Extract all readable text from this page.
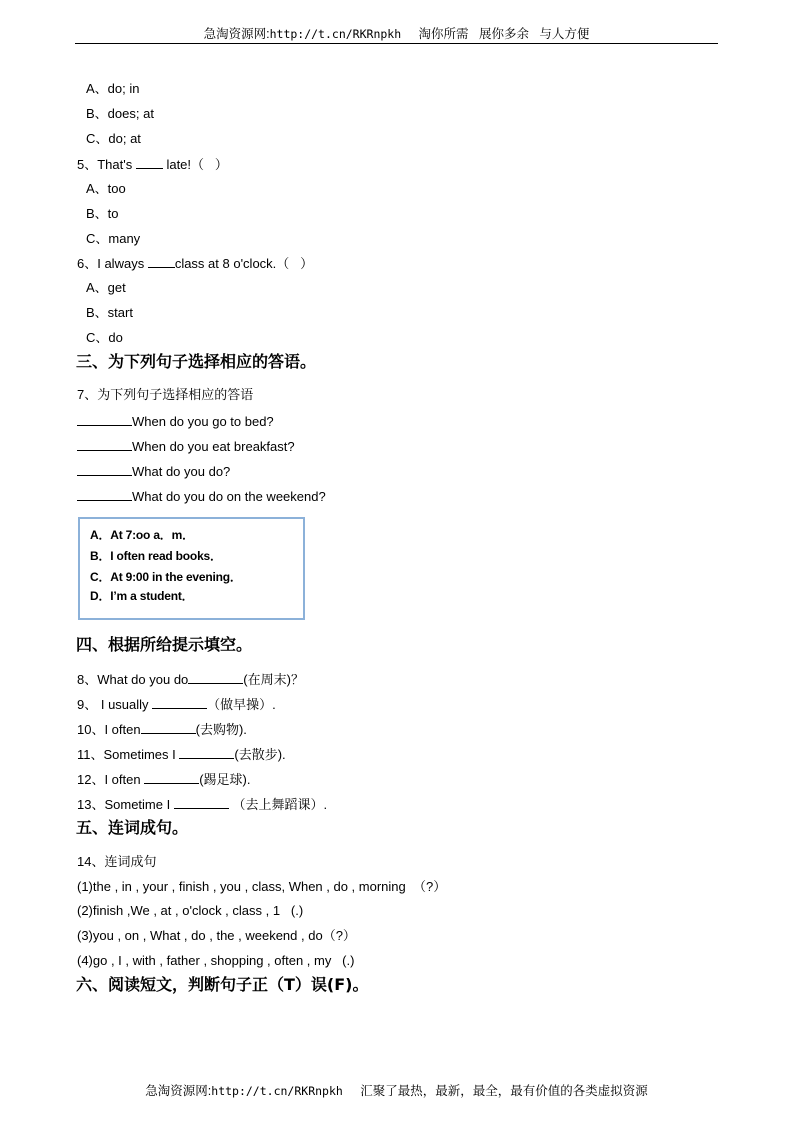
急淘资源网:http://t.cn/RKRnpkh 淘你所需   展你多余   与人方便
A、do; in
B、does; at
C、do; at
5、That's  late!（   ）
A、too
B、to
C、many
6、I always class at 8 o'clock.（   ）
A、get
B、start
C、do
三、为下列句子选择相应的答语。
7、为下列句子选择相应的答语
When do you go to bed?
When do you eat breakfast?
What do you do?
What do you do on the weekend?
A．At 7:oo a．m．
B．I often read books．
C．At 9:00 in the evening．
D．I’m a student．
四、根据所给提示填空。
8、What do you do	(在周末)？
9、 I usually	（做早操）.
10、I often	(去购物).
11、Sometimes I	(去散步).
12、I often	(踢足球).
13、Sometime I	（去上舞蹈课）.
五、连词成句。
14、连词成句
(1)the , in , your , finish , you , class, When , do , morning  （?）
(2)finish ,We , at , o'clock , class , 1   (.)
(3)you , on , What , do , the , weekend , do（?）
(4)go , I , with , father , shopping , often , my   (.)
六、阅读短文，判断句子正（T）误(F)。
急淘资源网:http://t.cn/RKRnpkh 汇聚了最热，最新，最全，最有价值的各类虚拟资源
